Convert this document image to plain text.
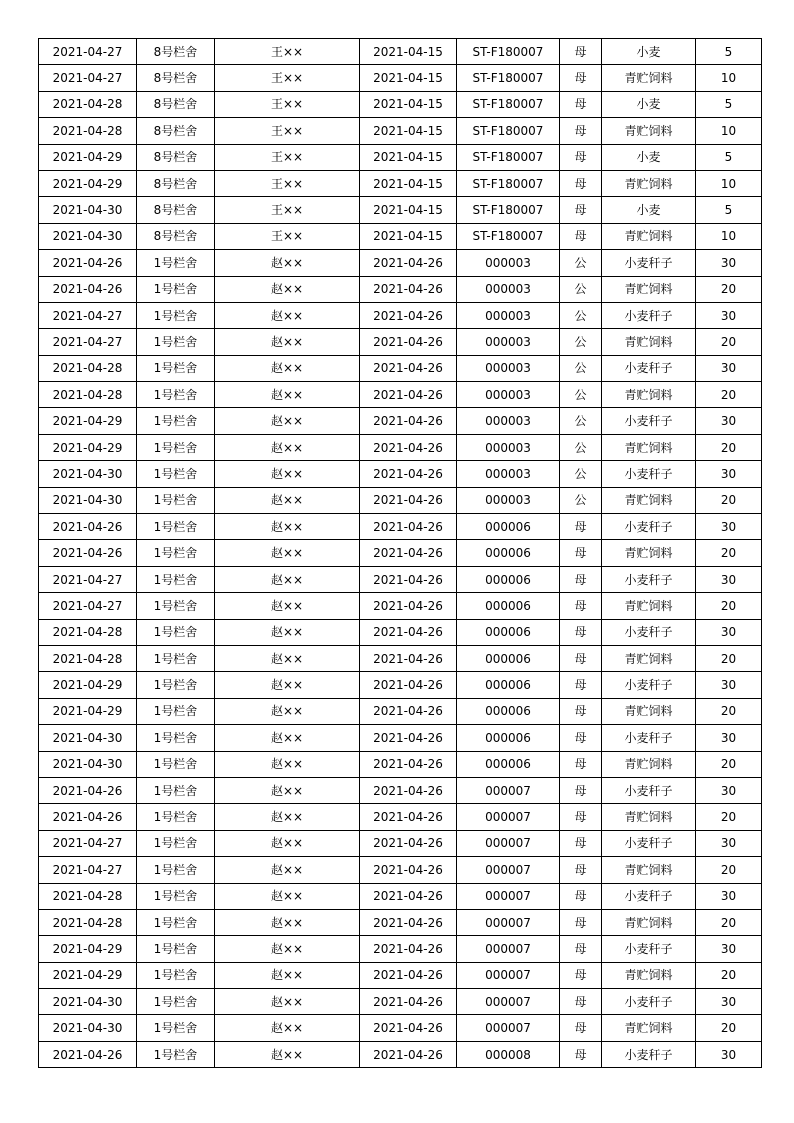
2021-04-27	8号栏舍	王××	2021-04-15	ST-F180007	母	小麦	5
2021-04-27	8号栏舍	王××	2021-04-15	ST-F180007	母	青贮饲料	10
2021-04-28	8号栏舍	王××	2021-04-15	ST-F180007	母	小麦	5
2021-04-28	8号栏舍	王××	2021-04-15	ST-F180007	母	青贮饲料	10
2021-04-29	8号栏舍	王××	2021-04-15	ST-F180007	母	小麦	5
2021-04-29	8号栏舍	王××	2021-04-15	ST-F180007	母	青贮饲料	10
2021-04-30	8号栏舍	王××	2021-04-15	ST-F180007	母	小麦	5
2021-04-30	8号栏舍	王××	2021-04-15	ST-F180007	母	青贮饲料	10
2021-04-26	1号栏舍	赵××	2021-04-26	000003	公	小麦秆子	30
2021-04-26	1号栏舍	赵××	2021-04-26	000003	公	青贮饲料	20
2021-04-27	1号栏舍	赵××	2021-04-26	000003	公	小麦秆子	30
2021-04-27	1号栏舍	赵××	2021-04-26	000003	公	青贮饲料	20
2021-04-28	1号栏舍	赵××	2021-04-26	000003	公	小麦秆子	30
2021-04-28	1号栏舍	赵××	2021-04-26	000003	公	青贮饲料	20
2021-04-29	1号栏舍	赵××	2021-04-26	000003	公	小麦秆子	30
2021-04-29	1号栏舍	赵××	2021-04-26	000003	公	青贮饲料	20
2021-04-30	1号栏舍	赵××	2021-04-26	000003	公	小麦秆子	30
2021-04-30	1号栏舍	赵××	2021-04-26	000003	公	青贮饲料	20
2021-04-26	1号栏舍	赵××	2021-04-26	000006	母	小麦秆子	30
2021-04-26	1号栏舍	赵××	2021-04-26	000006	母	青贮饲料	20
2021-04-27	1号栏舍	赵××	2021-04-26	000006	母	小麦秆子	30
2021-04-27	1号栏舍	赵××	2021-04-26	000006	母	青贮饲料	20
2021-04-28	1号栏舍	赵××	2021-04-26	000006	母	小麦秆子	30
2021-04-28	1号栏舍	赵××	2021-04-26	000006	母	青贮饲料	20
2021-04-29	1号栏舍	赵××	2021-04-26	000006	母	小麦秆子	30
2021-04-29	1号栏舍	赵××	2021-04-26	000006	母	青贮饲料	20
2021-04-30	1号栏舍	赵××	2021-04-26	000006	母	小麦秆子	30
2021-04-30	1号栏舍	赵××	2021-04-26	000006	母	青贮饲料	20
2021-04-26	1号栏舍	赵××	2021-04-26	000007	母	小麦秆子	30
2021-04-26	1号栏舍	赵××	2021-04-26	000007	母	青贮饲料	20
2021-04-27	1号栏舍	赵××	2021-04-26	000007	母	小麦秆子	30
2021-04-27	1号栏舍	赵××	2021-04-26	000007	母	青贮饲料	20
2021-04-28	1号栏舍	赵××	2021-04-26	000007	母	小麦秆子	30
2021-04-28	1号栏舍	赵××	2021-04-26	000007	母	青贮饲料	20
2021-04-29	1号栏舍	赵××	2021-04-26	000007	母	小麦秆子	30
2021-04-29	1号栏舍	赵××	2021-04-26	000007	母	青贮饲料	20
2021-04-30	1号栏舍	赵××	2021-04-26	000007	母	小麦秆子	30
2021-04-30	1号栏舍	赵××	2021-04-26	000007	母	青贮饲料	20
2021-04-26	1号栏舍	赵××	2021-04-26	000008	母	小麦秆子	30
